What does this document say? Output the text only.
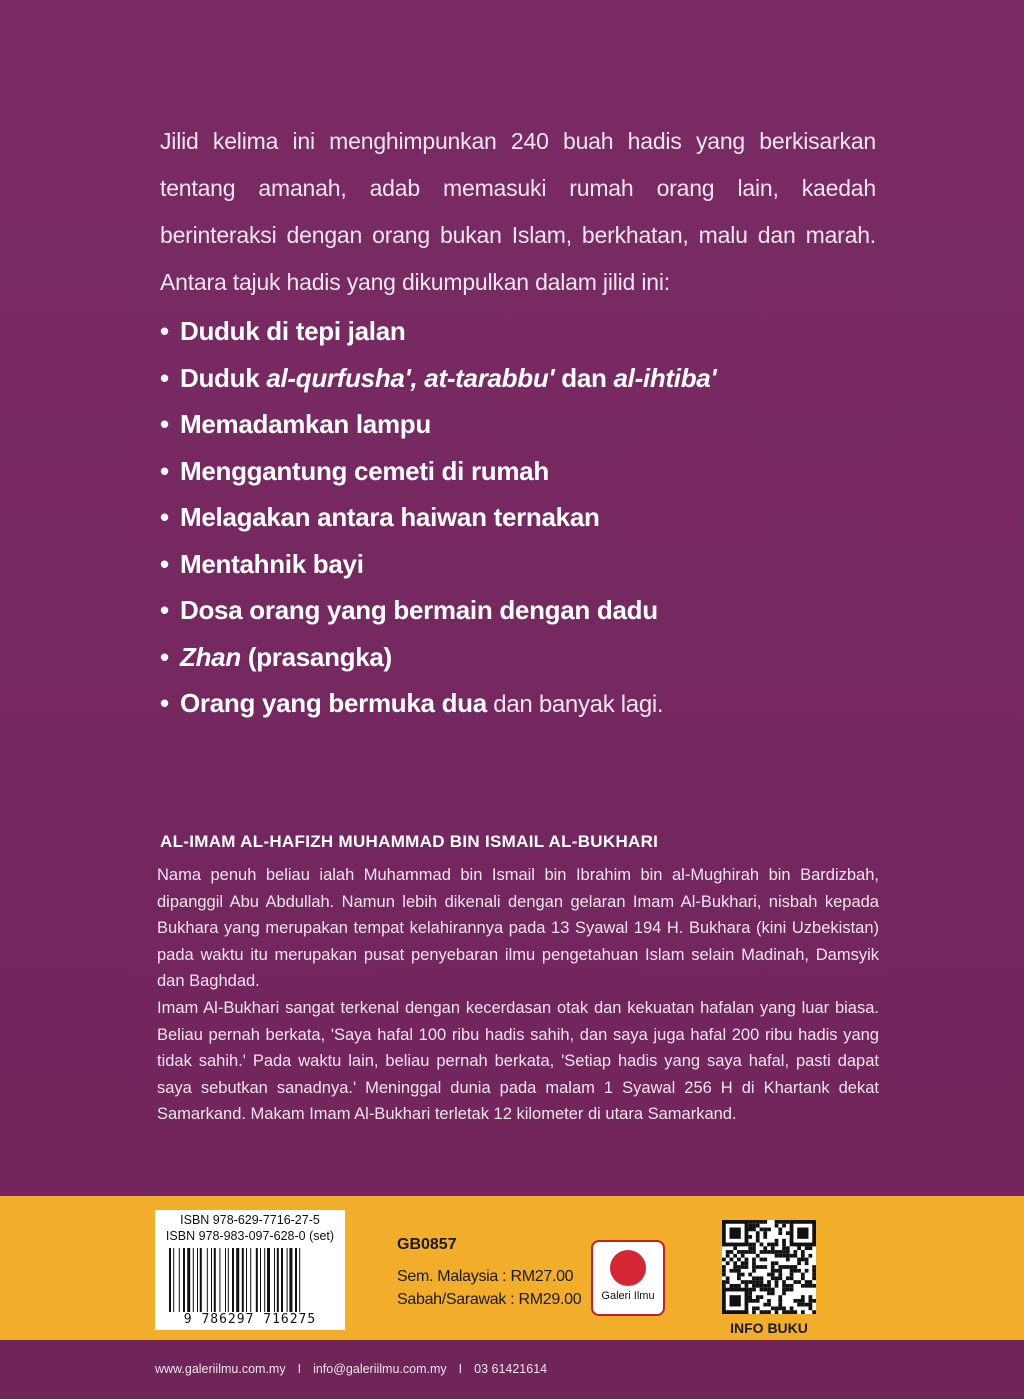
Jilid kelima ini menghimpunkan 240 buah hadis yang berkisarkan tentang amanah, adab memasuki rumah orang lain, kaedah berinteraksi dengan orang bukan Islam, berkhatan, malu dan marah. Antara tajuk hadis yang dikumpulkan dalam jilid ini:

• Duduk di tepi jalan
• Duduk al-qurfusha', at-tarabbu' dan al-ihtiba'
• Memadamkan lampu
• Menggantung cemeti di rumah
• Melagakan antara haiwan ternakan
• Mentahnik bayi
• Dosa orang yang bermain dengan dadu
• Zhan (prasangka)
• Orang yang bermuka dua dan banyak lagi.
AL-IMAM AL-HAFIZH MUHAMMAD BIN ISMAIL AL-BUKHARI

Nama penuh beliau ialah Muhammad bin Ismail bin Ibrahim bin al-Mughirah bin Bardizbah, dipanggil Abu Abdullah. Namun lebih dikenali dengan gelaran Imam Al-Bukhari, nisbah kepada Bukhara yang merupakan tempat kelahirannya pada 13 Syawal 194 H. Bukhara (kini Uzbekistan) pada waktu itu merupakan pusat penyebaran ilmu pengetahuan Islam selain Madinah, Damsyik dan Baghdad.

Imam Al-Bukhari sangat terkenal dengan kecerdasan otak dan kekuatan hafalan yang luar biasa. Beliau pernah berkata, 'Saya hafal 100 ribu hadis sahih, dan saya juga hafal 200 ribu hadis yang tidak sahih.' Pada waktu lain, beliau pernah berkata, 'Setiap hadis yang saya hafal, pasti dapat saya sebutkan sanadnya.' Meninggal dunia pada malam 1 Syawal 256 H di Khartank dekat Samarkand. Makam Imam Al-Bukhari terletak 12 kilometer di utara Samarkand.

ISBN 978-629-7716-27-5
ISBN 978-983-097-628-0 (set)
9 786297 716275
GB0857
Sem. Malaysia : RM27.00
Sabah/Sarawak : RM29.00	Galeri Ilmu
INFO BUKU
www.galeriilmu.com.my I info@galeriilmu.com.my I 03 61421614
